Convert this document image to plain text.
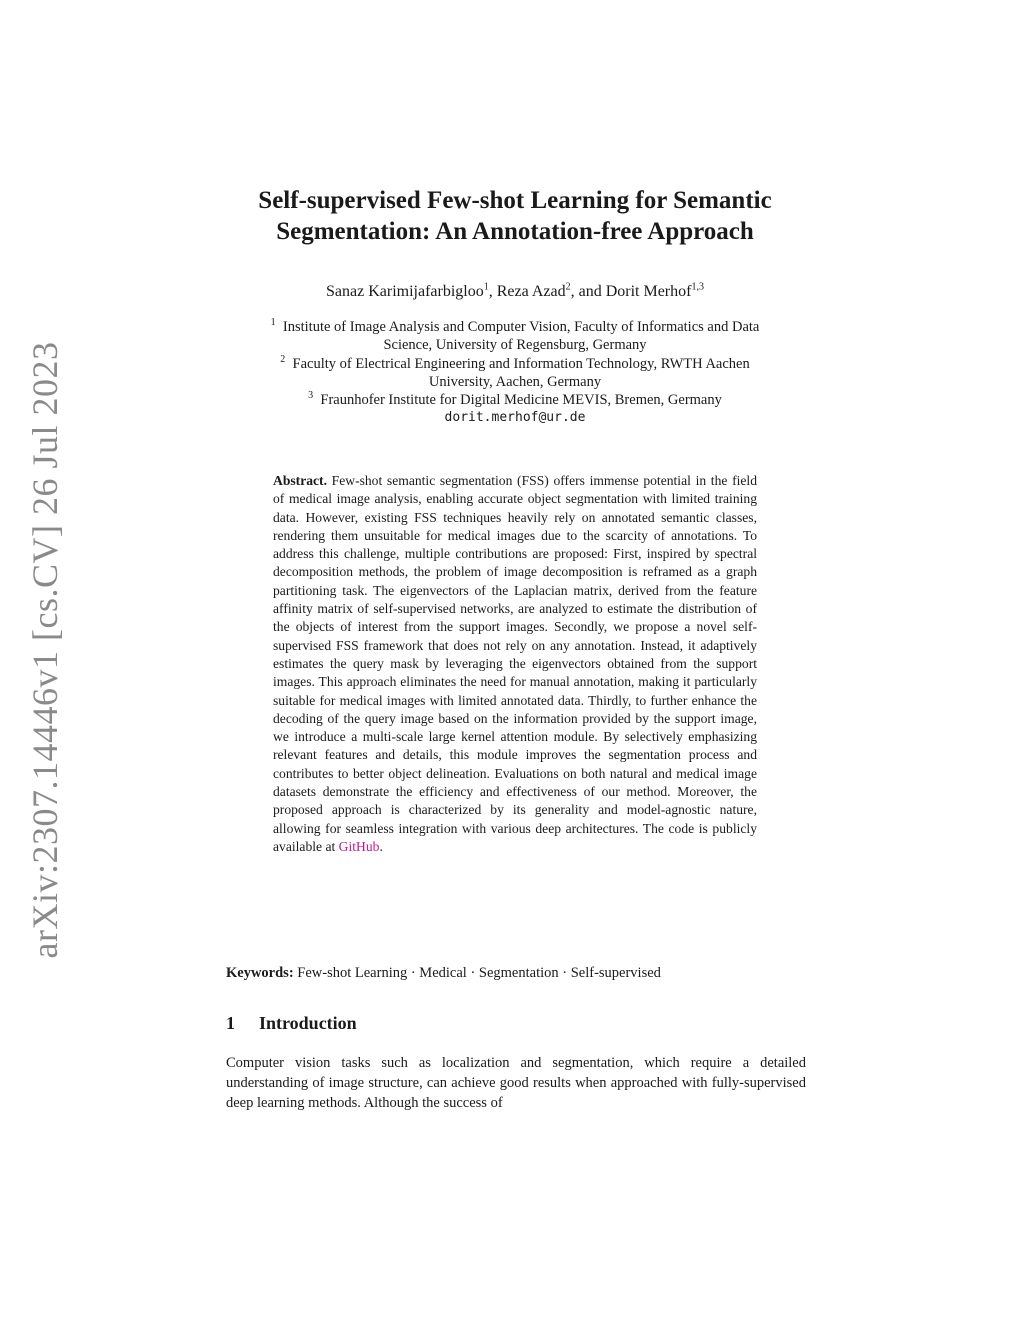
arXiv:2307.14446v1 [cs.CV] 26 Jul 2023
Self-supervised Few-shot Learning for Semantic
Segmentation: An Annotation-free Approach
Sanaz Karimijafarbigloo$^1$, Reza Azad$^2$, and Dorit Merhof$^{1,3}$
$^1$ Institute of Image Analysis and Computer Vision, Faculty of Informatics and Data
Science, University of Regensburg, Germany
$^2$ Faculty of Electrical Engineering and Information Technology, RWTH Aachen
University, Aachen, Germany
$^3$ Fraunhofer Institute for Digital Medicine MEVIS, Bremen, Germany
dorit.merhof@ur.de
Abstract. Few-shot semantic segmentation (FSS) offers immense potential in the field of medical image analysis, enabling accurate object segmentation with limited training data. However, existing FSS techniques heavily rely on annotated semantic classes, rendering them unsuitable for medical images due to the scarcity of annotations. To address this challenge, multiple contributions are proposed: First, inspired by spectral decomposition methods, the problem of image decomposition is reframed as a graph partitioning task. The eigenvectors of the Laplacian matrix, derived from the feature affinity matrix of self-supervised networks, are analyzed to estimate the distribution of the objects of interest from the support images. Secondly, we propose a novel self-supervised FSS framework that does not rely on any annotation. Instead, it adaptively estimates the query mask by leveraging the eigenvectors obtained from the support images. This approach eliminates the need for manual annotation, making it particularly suitable for medical images with limited annotated data. Thirdly, to further enhance the decoding of the query image based on the information provided by the support image, we introduce a multi-scale large kernel attention module. By selectively emphasizing relevant features and details, this module improves the segmentation process and contributes to better object delineation. Evaluations on both natural and medical image datasets demonstrate the efficiency and effectiveness of our method. Moreover, the proposed approach is characterized by its generality and model-agnostic nature, allowing for seamless integration with various deep architectures. The code is publicly available at GitHub.
Keywords: Few-shot Learning · Medical · Segmentation · Self-supervised
1 Introduction
Computer vision tasks such as localization and segmentation, which require a detailed understanding of image structure, can achieve good results when approached with fully-supervised deep learning methods. Although the success of
